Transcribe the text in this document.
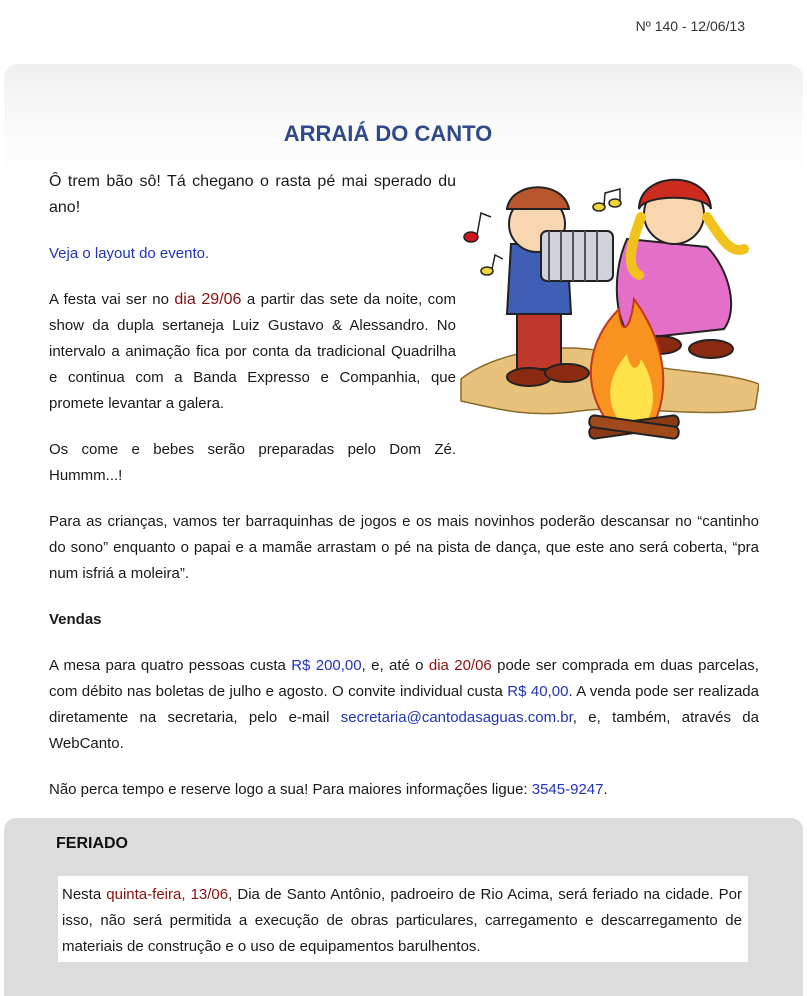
Nº 140 - 12/06/13
ARRAIÁ DO CANTO

Ô trem bão sô! Tá chegano o rasta pé mai sperado du ano!

Veja o layout do evento.

A festa vai ser no dia 29/06 a partir das sete da noite, com show da dupla sertaneja Luiz Gustavo & Alessandro. No intervalo a animação fica por conta da tradicional Quadrilha e continua com a Banda Expresso e Companhia, que promete levantar a galera.

Os come e bebes serão preparadas pelo Dom Zé. Hummm...!

Para as crianças, vamos ter barraquinhas de jogos e os mais novinhos poderão descansar no “cantinho do sono” enquanto o papai e a mamãe arrastam o pé na pista de dança, que este ano será coberta, “pra num isfriá a moleira”.

Vendas

A mesa para quatro pessoas custa R$ 200,00, e, até o dia 20/06 pode ser comprada em duas parcelas, com débito nas boletas de julho e agosto. O convite individual custa R$ 40,00. A venda pode ser realizada diretamente na secretaria, pelo e-mail secretaria@cantodasaguas.com.br, e, também, através da WebCanto.

Não perca tempo e reserve logo a sua! Para maiores informações ligue: 3545-9247.

FERIADO

Nesta quinta-feira, 13/06, Dia de Santo Antônio, padroeiro de Rio Acima, será feriado na cidade. Por isso, não será permitida a execução de obras particulares, carregamento e descarregamento de materiais de construção e o uso de equipamentos barulhentos.
